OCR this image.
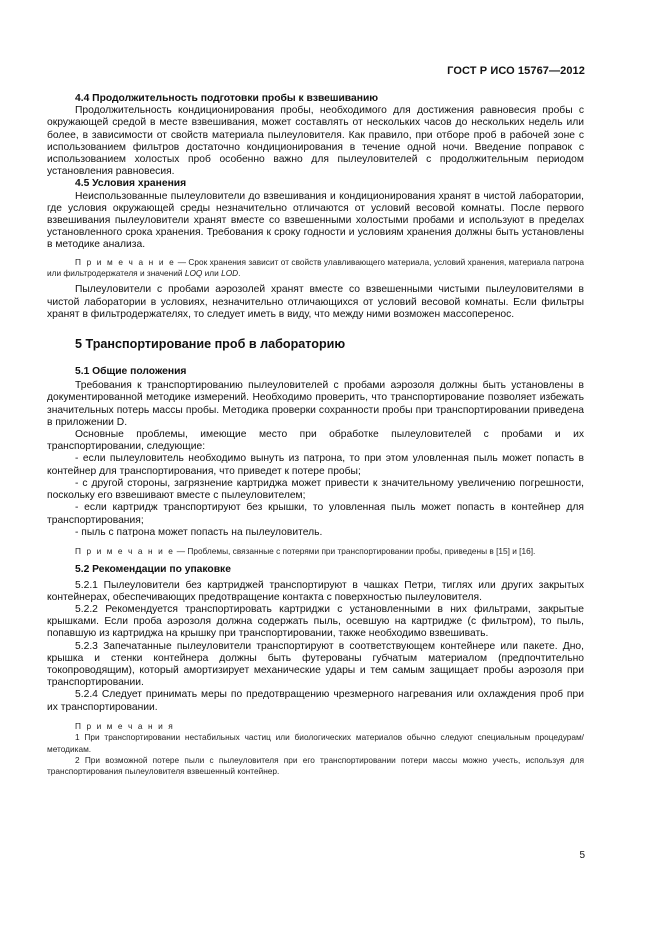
ГОСТ Р ИСО 15767—2012
4.4 Продолжительность подготовки пробы к взвешиванию

Продолжительность кондиционирования пробы, необходимого для достижения равновесия пробы с окружающей средой в месте взвешивания, может составлять от нескольких часов до нескольких недель или более, в зависимости от свойств материала пылеуловителя. Как правило, при отборе проб в рабочей зоне с использованием фильтров достаточно кондиционирования в течение одной ночи. Введение поправок с использованием холостых проб особенно важно для пылеуловителей с продолжительным периодом установления равновесия.

4.5 Условия хранения

Неиспользованные пылеуловители до взвешивания и кондиционирования хранят в чистой лаборатории, где условия окружающей среды незначительно отличаются от условий весовой комнаты. После первого взвешивания пылеуловители хранят вместе со взвешенными холостыми пробами и используют в пределах установленного срока хранения. Требования к сроку годности и условиям хранения должны быть установлены в методике анализа.

П р и м е ч а н и е — Срок хранения зависит от свойств улавливающего материала, условий хранения, материала патрона или фильтродержателя и значений LOQ или LOD.

Пылеуловители с пробами аэрозолей хранят вместе со взвешенными чистыми пылеуловителями в чистой лаборатории в условиях, незначительно отличающихся от условий весовой комнаты. Если фильтры хранят в фильтродержателях, то следует иметь в виду, что между ними возможен массоперенос.

5 Транспортирование проб в лабораторию
5.1 Общие положения

Требования к транспортированию пылеуловителей с пробами аэрозоля должны быть установлены в документированной методике измерений. Необходимо проверить, что транспортирование позволяет избежать значительных потерь массы пробы. Методика проверки сохранности пробы при транспортировании приведена в приложении D.

Основные проблемы, имеющие место при обработке пылеуловителей с пробами и их транспортировании, следующие:

- если пылеуловитель необходимо вынуть из патрона, то при этом уловленная пыль может попасть в контейнер для транспортирования, что приведет к потере пробы;

- с другой стороны, загрязнение картриджа может привести к значительному увеличению погрешности, поскольку его взвешивают вместе с пылеуловителем;

- если картридж транспортируют без крышки, то уловленная пыль может попасть в контейнер для транспортирования;

- пыль с патрона может попасть на пылеуловитель.

П р и м е ч а н и е — Проблемы, связанные с потерями при транспортировании пробы, приведены в [15] и [16].

5.2 Рекомендации по упаковке

5.2.1 Пылеуловители без картриджей транспортируют в чашках Петри, тиглях или других закрытых контейнерах, обеспечивающих предотвращение контакта с поверхностью пылеуловителя.

5.2.2 Рекомендуется транспортировать картриджи с установленными в них фильтрами, закрытые крышками. Если проба аэрозоля должна содержать пыль, осевшую на картридже (с фильтром), то пыль, попавшую из картриджа на крышку при транспортировании, также необходимо взвешивать.

5.2.3 Запечатанные пылеуловители транспортируют в соответствующем контейнере или пакете. Дно, крышка и стенки контейнера должны быть футерованы губчатым материалом (предпочтительно токопроводящим), который амортизирует механические удары и тем самым защищает пробы аэрозоля при транспортировании.

5.2.4 Следует принимать меры по предотвращению чрезмерного нагревания или охлаждения проб при их транспортировании.

П р и м е ч а н и я

1 При транспортировании нестабильных частиц или биологических материалов обычно следуют специальным процедурам/методикам.

2 При возможной потере пыли с пылеуловителя при его транспортировании потери массы можно учесть, используя для транспортирования пылеуловителя взвешенный контейнер.

5
